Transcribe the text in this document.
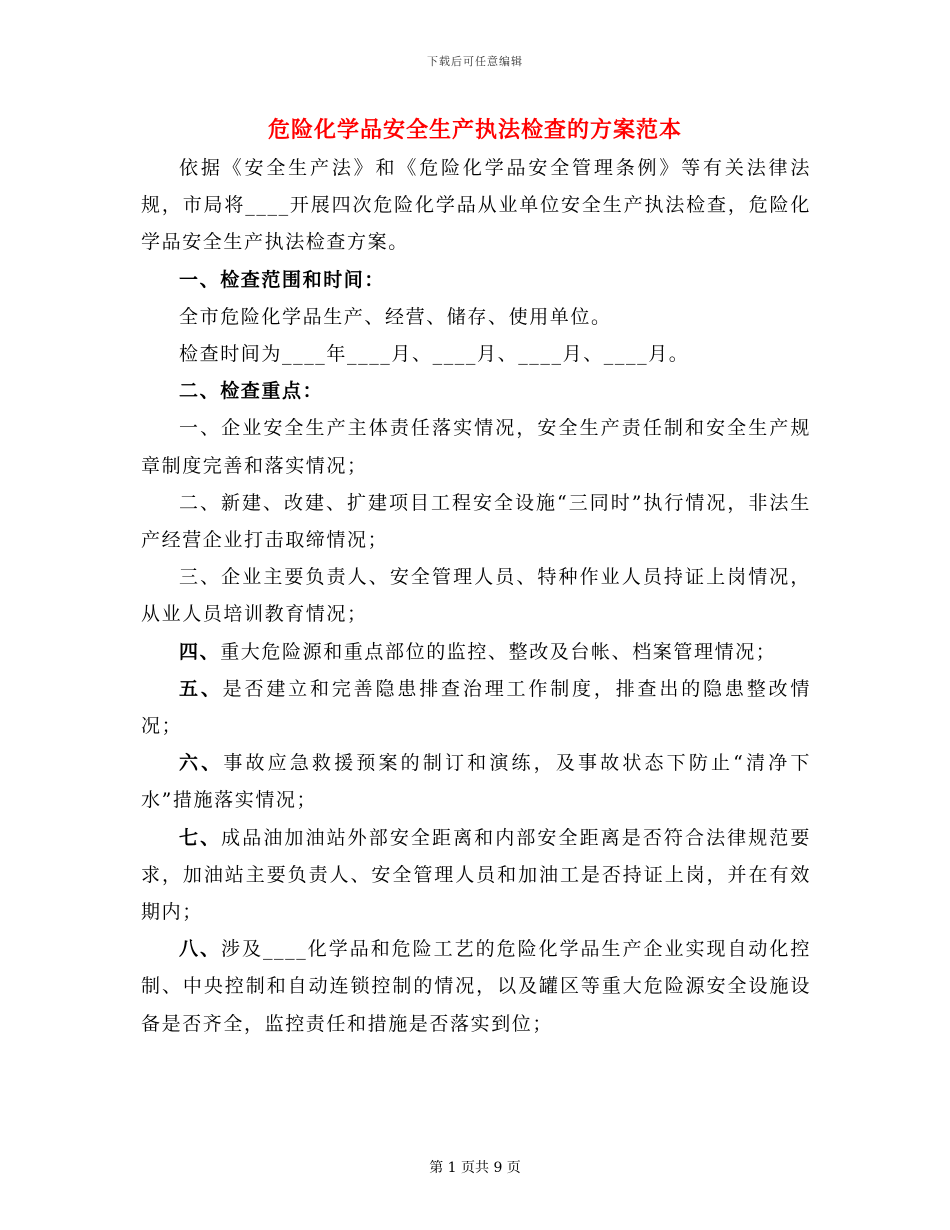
下载后可任意编辑
危险化学品安全生产执法检查的方案范本

依据《安全生产法》和《危险化学品安全管理条例》等有关法律法规，市局将____开展四次危险化学品从业单位安全生产执法检查，危险化学品安全生产执法检查方案。

一、检查范围和时间：

全市危险化学品生产、经营、储存、使用单位。

检查时间为____年____月、____月、____月、____月。

二、检查重点：

一、企业安全生产主体责任落实情况，安全生产责任制和安全生产规章制度完善和落实情况；

二、新建、改建、扩建项目工程安全设施“三同时”执行情况，非法生产经营企业打击取缔情况；

三、企业主要负责人、安全管理人员、特种作业人员持证上岗情况，从业人员培训教育情况；

四、重大危险源和重点部位的监控、整改及台帐、档案管理情况；

五、是否建立和完善隐患排查治理工作制度，排查出的隐患整改情况；

六、事故应急救援预案的制订和演练，及事故状态下防止“清净下水”措施落实情况；

七、成品油加油站外部安全距离和内部安全距离是否符合法律规范要求，加油站主要负责人、安全管理人员和加油工是否持证上岗，并在有效期内；

八、涉及____化学品和危险工艺的危险化学品生产企业实现自动化控制、中央控制和自动连锁控制的情况，以及罐区等重大危险源安全设施设备是否齐全，监控责任和措施是否落实到位；

第 1 页共 9 页
